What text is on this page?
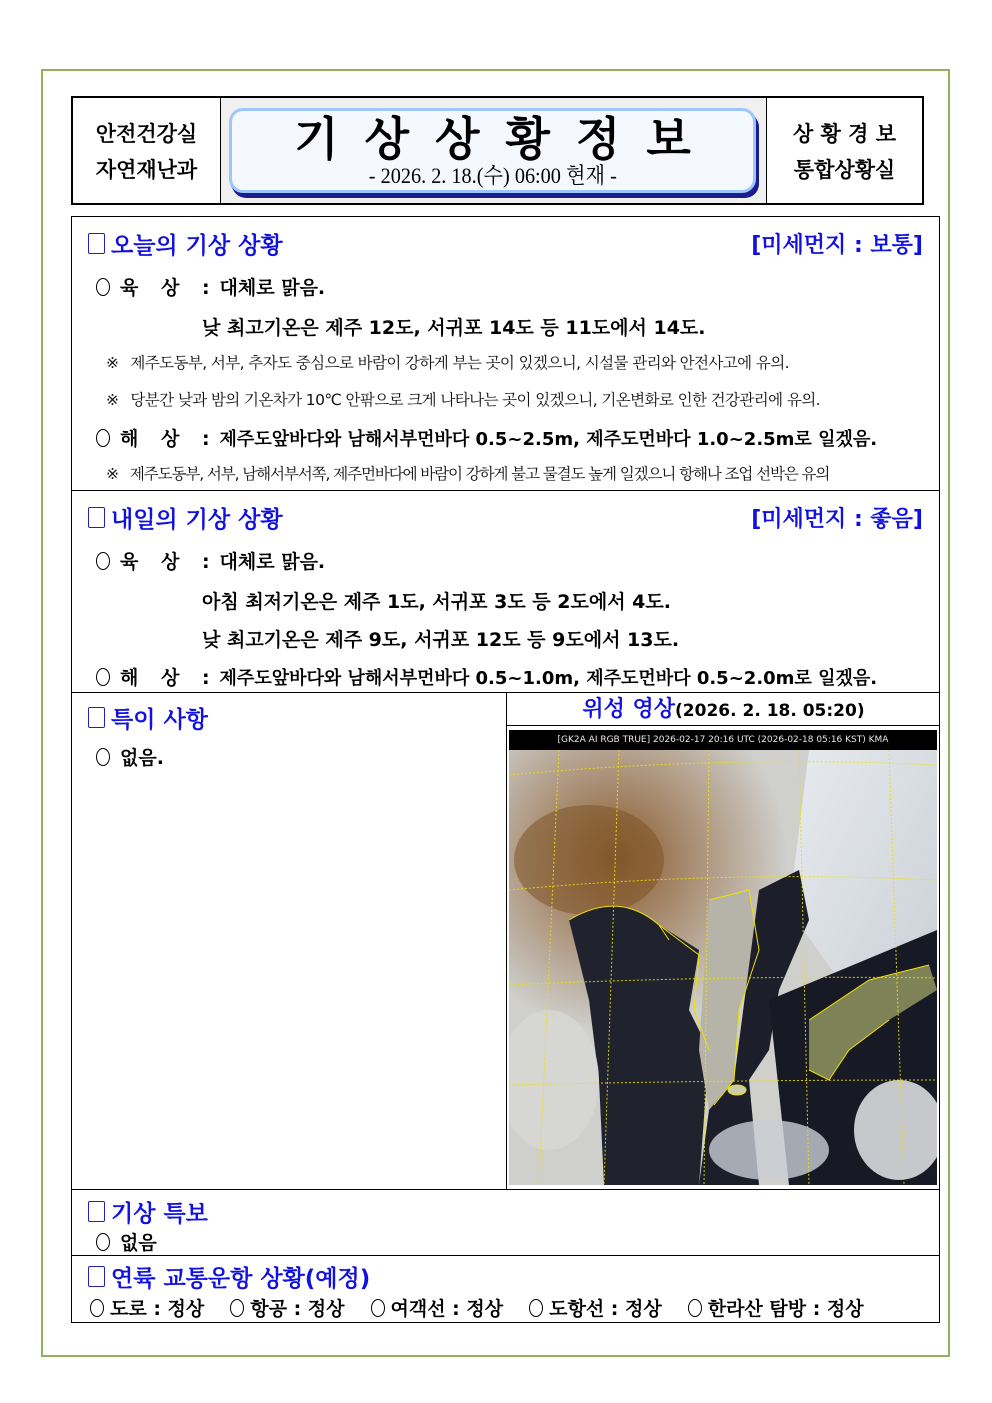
안전건강실
자연재난과
기상상황정보
- 2026. 2. 18.(수) 06:00 현재 -
상 황 경 보
통합상황실
오늘의 기상 상황	[미세먼지 : 보통]
육 상 : 대체로 맑음.
낮 최고기온은 제주 12도, 서귀포 14도 등 11도에서 14도.
※ 제주도동부, 서부, 추자도 중심으로 바람이 강하게 부는 곳이 있겠으니, 시설물 관리와 안전사고에 유의.
※ 당분간 낮과 밤의 기온차가 10℃ 안팎으로 크게 나타나는 곳이 있겠으니, 기온변화로 인한 건강관리에 유의.
해 상 : 제주도앞바다와 남해서부먼바다 0.5~2.5m, 제주도먼바다 1.0~2.5m로 일겠음.
※ 제주도동부, 서부, 남해서부서쪽, 제주먼바다에 바람이 강하게 불고 물결도 높게 일겠으니 항해나 조업 선박은 유의
내일의 기상 상황	[미세먼지 : 좋음]
육 상 : 대체로 맑음.
아침 최저기온은 제주 1도, 서귀포 3도 등 2도에서 4도.
낮 최고기온은 제주 9도, 서귀포 12도 등 9도에서 13도.
해 상 : 제주도앞바다와 남해서부먼바다 0.5~1.0m, 제주도먼바다 0.5~2.0m로 일겠음.
특이 사항
없음.
위성 영상(2026. 2. 18. 05:20)
[GK2A AI RGB TRUE] 2026-02-17 20:16 UTC (2026-02-18 05:16 KST) KMA
기상 특보
없음
연륙 교통운항 상황(예정)
도로 : 정상 항공 : 정상 여객선 : 정상 도항선 : 정상 한라산 탐방 : 정상
